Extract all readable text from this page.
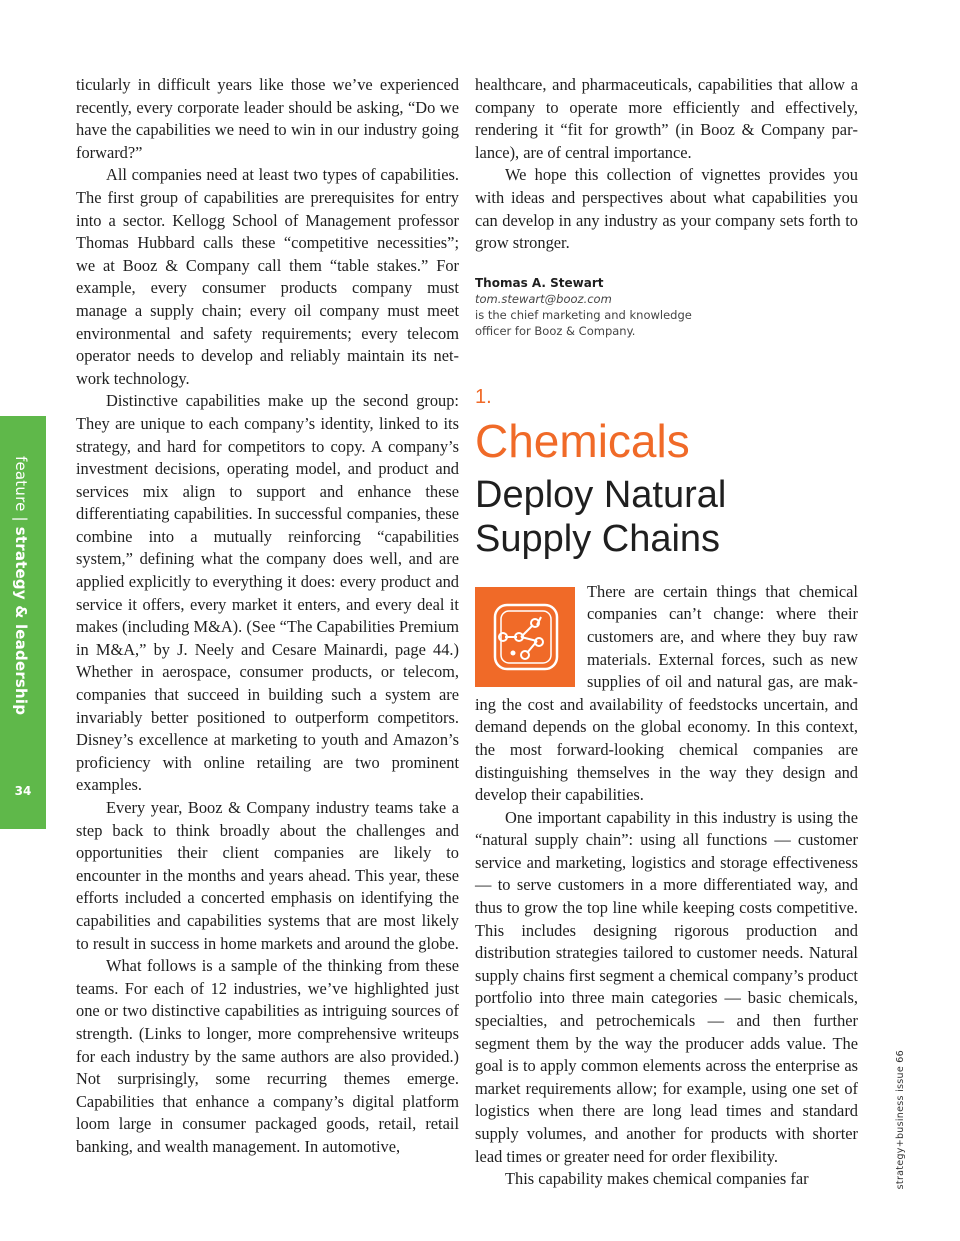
feature | strategy & leadership
34

ticularly in difficult years like those we’ve experienced recently, every corporate leader should be asking, “Do we have the capabilities we need to win in our industry going forward?”

All companies need at least two types of capabilities. The first group of capabilities are prerequisites for entry into a sector. Kellogg School of Management professor Thomas Hubbard calls these “competitive necessities”; we at Booz & Company call them “table stakes.” For example, every consumer products company must manage a supply chain; every oil company must meet environmental and safety requirements; every telecom operator needs to develop and reliably maintain its network technology.

Distinctive capabilities make up the second group: They are unique to each company’s identity, linked to its strategy, and hard for competitors to copy. A company’s investment decisions, operating model, and product and services mix align to support and enhance these differentiating capabilities. In successful companies, these combine into a mutually reinforcing “capabilities system,” defining what the company does well, and are applied explicitly to everything it does: every product and service it offers, every market it enters, and every deal it makes (including M&A). (See “The Capabilities Premium in M&A,” by J. Neely and Cesare Mainardi, page 44.) Whether in aerospace, consumer products, or telecom, companies that succeed in building such a system are invariably better positioned to outperform competitors. Disney’s excellence at marketing to youth and Amazon’s proficiency with online retailing are two prominent examples.

Every year, Booz & Company industry teams take a step back to think broadly about the challenges and opportunities their client companies are likely to encounter in the months and years ahead. This year, these efforts included a concerted emphasis on identifying the capabilities and capabilities systems that are most likely to result in success in home markets and around the globe.

What follows is a sample of the thinking from these teams. For each of 12 industries, we’ve highlighted just one or two distinctive capabilities as intriguing sources of strength. (Links to longer, more comprehensive writeups for each industry by the same authors are also provided.) Not surprisingly, some recurring themes emerge. Capabilities that enhance a company’s digital platform loom large in consumer packaged goods, retail, retail banking, and wealth management. In automotive,

healthcare, and pharmaceuticals, capabilities that allow a company to operate more efficiently and effectively, rendering it “fit for growth” (in Booz & Company parlance), are of central importance.

We hope this collection of vignettes provides you with ideas and perspectives about what capabilities you can develop in any industry as your company sets forth to grow stronger.

Thomas A. Stewart
tom.stewart@booz.com
is the chief marketing and knowledge
officer for Booz & Company.
1.
Chemicals
Deploy Natural
Supply Chains

There are certain things that chemical companies can’t change: where their customers are, and where they buy raw materials. External forces, such as new supplies of oil and natural gas, are making the cost and availability of feedstocks uncertain, and demand depends on the global economy. In this context, the most forward-looking chemical companies are distinguishing themselves in the way they design and develop their capabilities.

One important capability in this industry is using the “natural supply chain”: using all functions — customer service and marketing, logistics and storage effectiveness — to serve customers in a more differentiated way, and thus to grow the top line while keeping costs competitive. This includes designing rigorous production and distribution strategies tailored to customer needs. Natural supply chains first segment a chemical company’s product portfolio into three main categories — basic chemicals, specialties, and petrochemicals — and then further segment them by the way the producer adds value. The goal is to apply common elements across the enterprise as market requirements allow; for example, using one set of logistics when there are long lead times and standard supply volumes, and another for products with shorter lead times or greater need for order flexibility.

This capability makes chemical companies far	strategy+business issue 66
